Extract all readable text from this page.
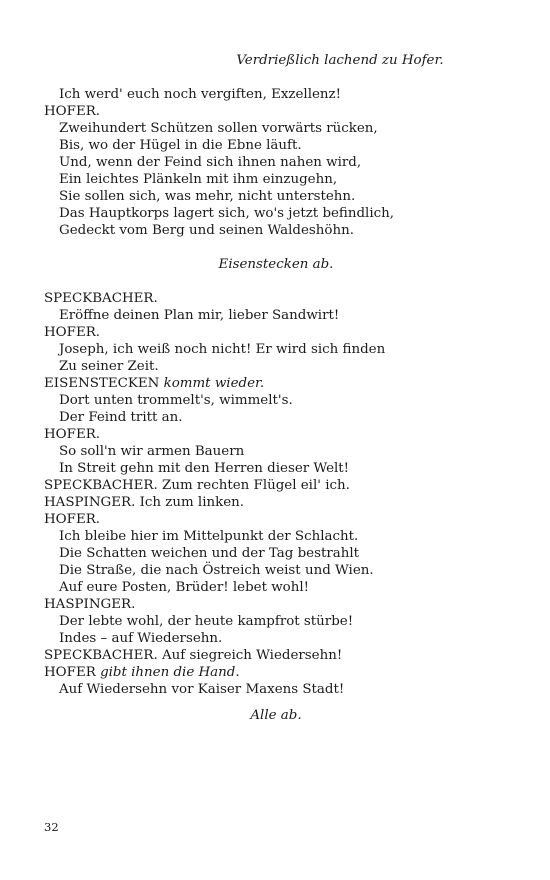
Verdrießlich lachend zu Hofer.
Ich werd' euch noch vergiften, Exzellenz!
HOFER.
Zweihundert Schützen sollen vorwärts rücken,
Bis, wo der Hügel in die Ebne läuft.
Und, wenn der Feind sich ihnen nahen wird,
Ein leichtes Plänkeln mit ihm einzugehn,
Sie sollen sich, was mehr, nicht unterstehn.
Das Hauptkorps lagert sich, wo's jetzt befindlich,
Gedeckt vom Berg und seinen Waldeshöhn.
Eisenstecken ab.
SPECKBACHER.
Eröffne deinen Plan mir, lieber Sandwirt!
HOFER.
Joseph, ich weiß noch nicht! Er wird sich finden
Zu seiner Zeit.
EISENSTECKEN kommt wieder.
Dort unten trommelt's, wimmelt's.
Der Feind tritt an.
HOFER.
So soll'n wir armen Bauern
In Streit gehn mit den Herren dieser Welt!
SPECKBACHER. Zum rechten Flügel eil' ich.
HASPINGER. Ich zum linken.
HOFER.
Ich bleibe hier im Mittelpunkt der Schlacht.
Die Schatten weichen und der Tag bestrahlt
Die Straße, die nach Östreich weist und Wien.
Auf eure Posten, Brüder! lebet wohl!
HASPINGER.
Der lebte wohl, der heute kampfrot stürbe!
Indes – auf Wiedersehn.
SPECKBACHER. Auf siegreich Wiedersehn!
HOFER gibt ihnen die Hand.
Auf Wiedersehn vor Kaiser Maxens Stadt!
Alle ab.
32
